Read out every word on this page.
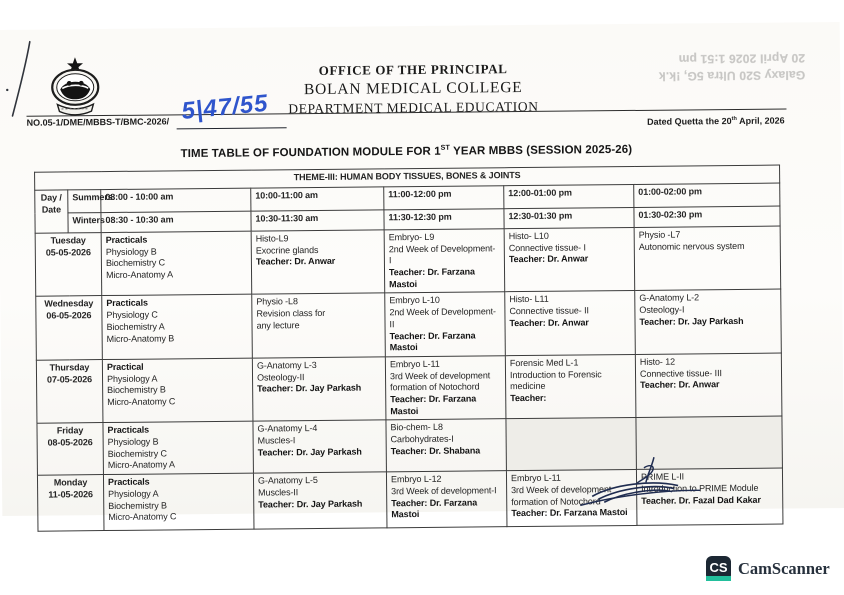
OFFICE OF THE PRINCIPAL
BOLAN MEDICAL COLLEGE
DEPARTMENT MEDICAL EDUCATION
Galaxy S20 Ultra 5G, !k.k
20 April 2026 1:51 pm
NO.05-1/DME/MBBS-T/BMC-2026/ 5|47/55	Dated Quetta the 20th April, 2026
TIME TABLE OF FOUNDATION MODULE FOR 1ST YEAR MBBS (SESSION 2025-26)
THEME-III: HUMAN BODY TISSUES, BONES & JOINTS						
Day / Date	Summers	08:00 - 10:00 am	10:00-11:00 am	11:00-12:00 pm	12:00-01:00 pm	01:00-02:00 pm
	Winters	08:30 - 10:30 am	10:30-11:30 am	11:30-12:30 pm	12:30-01:30 pm	01:30-02:30 pm

Tuesday
05-05-2026		Practicals
Physiology B
Biochemistry C
Micro-Anatomy A	Histo-L9
Exocrine glands
Teacher: Dr. Anwar	Embryo- L9
2nd Week of Development- I
Teacher: Dr. Farzana Mastoi	Histo- L10
Connective tissue- I
Teacher: Dr. Anwar	Physio -L7
Autonomic nervous system

Wednesday
06-05-2026		Practicals
Physiology C
Biochemistry A
Micro-Anatomy B	Physio -L8
Revision class for
any lecture	Embryo L-10
2nd Week of Development- II
Teacher: Dr. Farzana Mastoi	Histo- L11
Connective tissue- II
Teacher: Dr. Anwar	G-Anatomy L-2
Osteology-I
Teacher: Dr. Jay Parkash

Thursday
07-05-2026		Practical
Physiology A
Biochemistry B
Micro-Anatomy C	G-Anatomy L-3
Osteology-II
Teacher: Dr. Jay Parkash	Embryo L-11
3rd Week of development
formation of Notochord
Teacher: Dr. Farzana Mastoi	Forensic Med L-1
Introduction to Forensic
medicine
Teacher:	Histo- 12
Connective tissue- III
Teacher: Dr. Anwar

Friday
08-05-2026		Practicals
Physiology B
Biochemistry C
Micro-Anatomy A	G-Anatomy L-4
Muscles-I
Teacher: Dr. Jay Parkash	Bio-chem- L8
Carbohydrates-I
Teacher: Dr. Shabana		

Monday
11-05-2026		Practicals
Physiology A
Biochemistry B
Micro-Anatomy C	G-Anatomy L-5
Muscles-II
Teacher: Dr. Jay Parkash	Embryo L-12
3rd Week of development-I
Teacher: Dr. Farzana Mastoi	Embryo L-11
3rd Week of development
formation of Notochord
Teacher: Dr. Farzana Mastoi	PRIME L-II
Introduction to PRIME Module
Teacher. Dr. Fazal Dad Kakar
CS CamScanner
